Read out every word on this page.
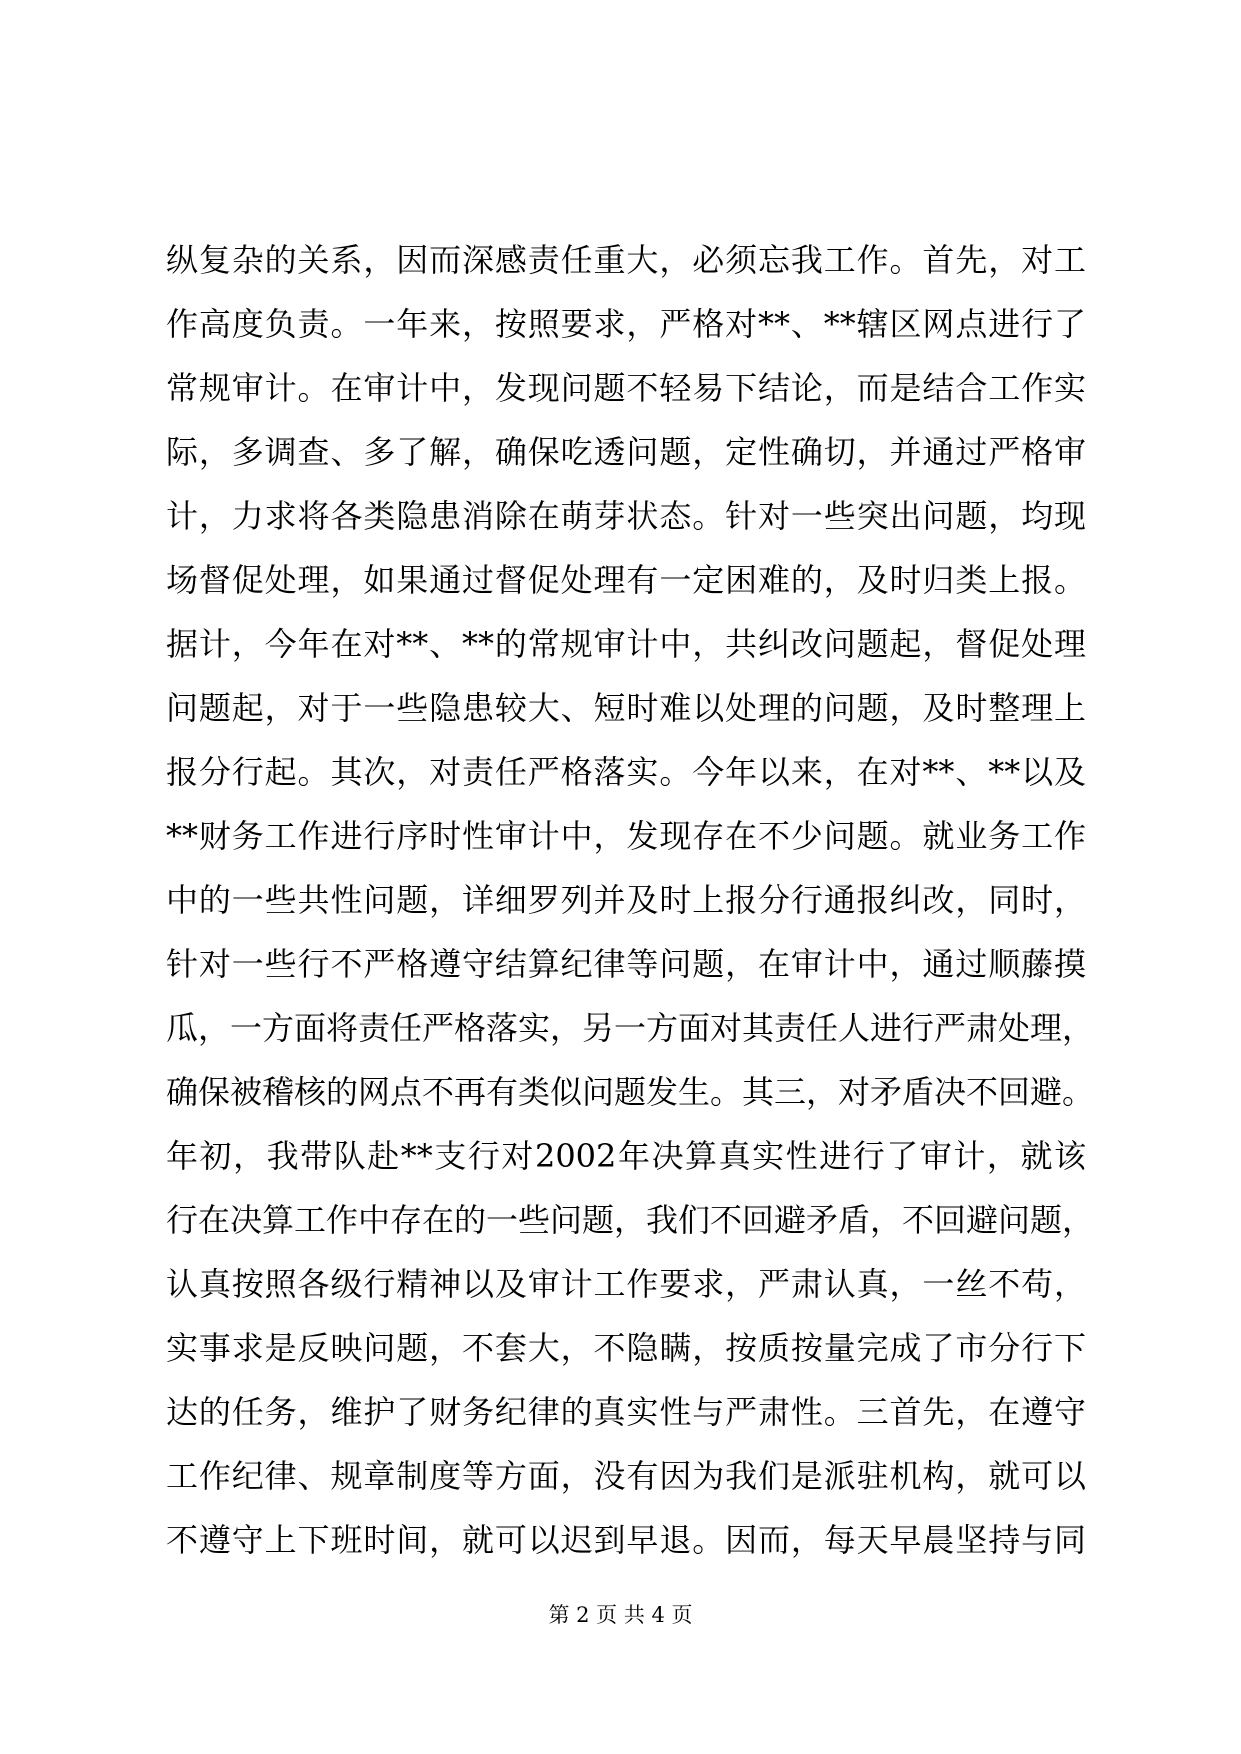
纵复杂的关系，因而深感责任重大，必须忘我工作。首先，对工
作高度负责。一年来，按照要求，严格对**、**辖区网点进行了
常规审计。在审计中，发现问题不轻易下结论，而是结合工作实
际，多调查、多了解，确保吃透问题，定性确切，并通过严格审
计，力求将各类隐患消除在萌芽状态。针对一些突出问题，均现
场督促处理，如果通过督促处理有一定困难的，及时归类上报。
据计，今年在对**、**的常规审计中，共纠改问题起，督促处理
问题起，对于一些隐患较大、短时难以处理的问题，及时整理上
报分行起。其次，对责任严格落实。今年以来，在对**、**以及
**财务工作进行序时性审计中，发现存在不少问题。就业务工作
中的一些共性问题，详细罗列并及时上报分行通报纠改，同时，
针对一些行不严格遵守结算纪律等问题，在审计中，通过顺藤摸
瓜，一方面将责任严格落实，另一方面对其责任人进行严肃处理，
确保被稽核的网点不再有类似问题发生。其三，对矛盾决不回避。
年初，我带队赴**支行对2002年决算真实性进行了审计，就该
行在决算工作中存在的一些问题，我们不回避矛盾，不回避问题，
认真按照各级行精神以及审计工作要求，严肃认真，一丝不苟，
实事求是反映问题，不套大，不隐瞒，按质按量完成了市分行下
达的任务，维护了财务纪律的真实性与严肃性。三首先，在遵守
工作纪律、规章制度等方面，没有因为我们是派驻机构，就可以
不遵守上下班时间，就可以迟到早退。因而，每天早晨坚持与同
第 2 页 共 4 页
